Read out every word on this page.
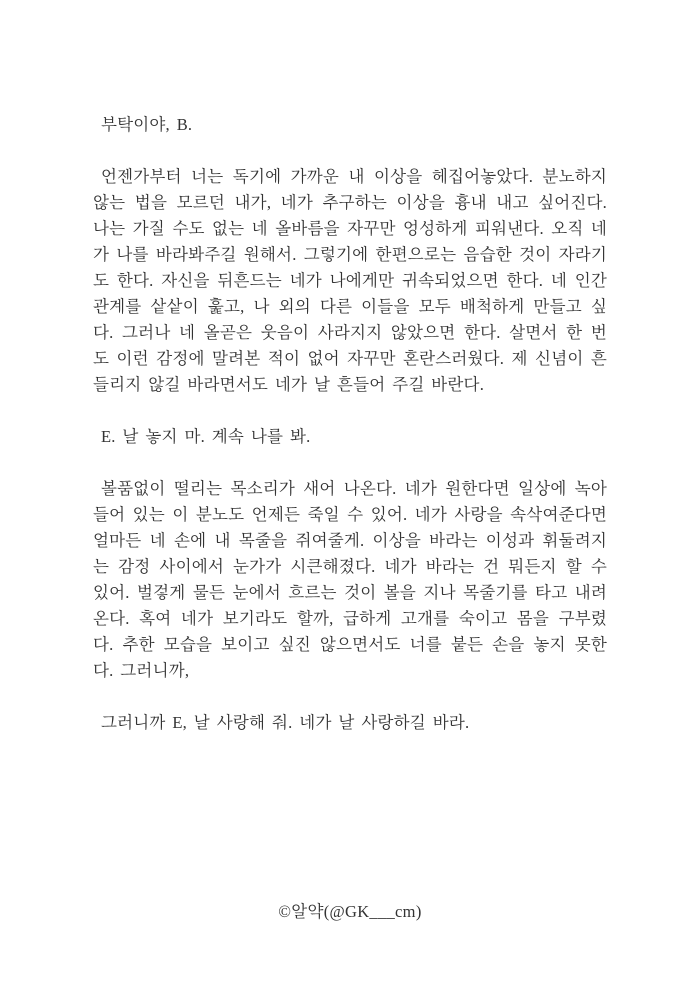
부탁이야, B.
언젠가부터 너는 독기에 가까운 내 이상을 헤집어놓았다. 분노하지
않는 법을 모르던 내가, 네가 추구하는 이상을 흉내 내고 싶어진다.
나는 가질 수도 없는 네 올바름을 자꾸만 엉성하게 피워낸다. 오직 네
가 나를 바라봐주길 원해서. 그렇기에 한편으로는 음습한 것이 자라기
도 한다. 자신을 뒤흔드는 네가 나에게만 귀속되었으면 한다. 네 인간
관계를 샅샅이 훑고, 나 외의 다른 이들을 모두 배척하게 만들고 싶
다. 그러나 네 올곧은 웃음이 사라지지 않았으면 한다. 살면서 한 번
도 이런 감정에 말려본 적이 없어 자꾸만 혼란스러웠다. 제 신념이 흔
들리지 않길 바라면서도 네가 날 흔들어 주길 바란다.
E. 날 놓지 마. 계속 나를 봐.
볼품없이 떨리는 목소리가 새어 나온다. 네가 원한다면 일상에 녹아
들어 있는 이 분노도 언제든 죽일 수 있어. 네가 사랑을 속삭여준다면
얼마든 네 손에 내 목줄을 쥐여줄게. 이상을 바라는 이성과 휘둘려지
는 감정 사이에서 눈가가 시큰해졌다. 네가 바라는 건 뭐든지 할 수
있어. 벌겋게 물든 눈에서 흐르는 것이 볼을 지나 목줄기를 타고 내려
온다. 혹여 네가 보기라도 할까, 급하게 고개를 숙이고 몸을 구부렸
다. 추한 모습을 보이고 싶진 않으면서도 너를 붙든 손을 놓지 못한
다. 그러니까,
그러니까 E, 날 사랑해 줘. 네가 날 사랑하길 바라.
©알약(@GK___cm)
